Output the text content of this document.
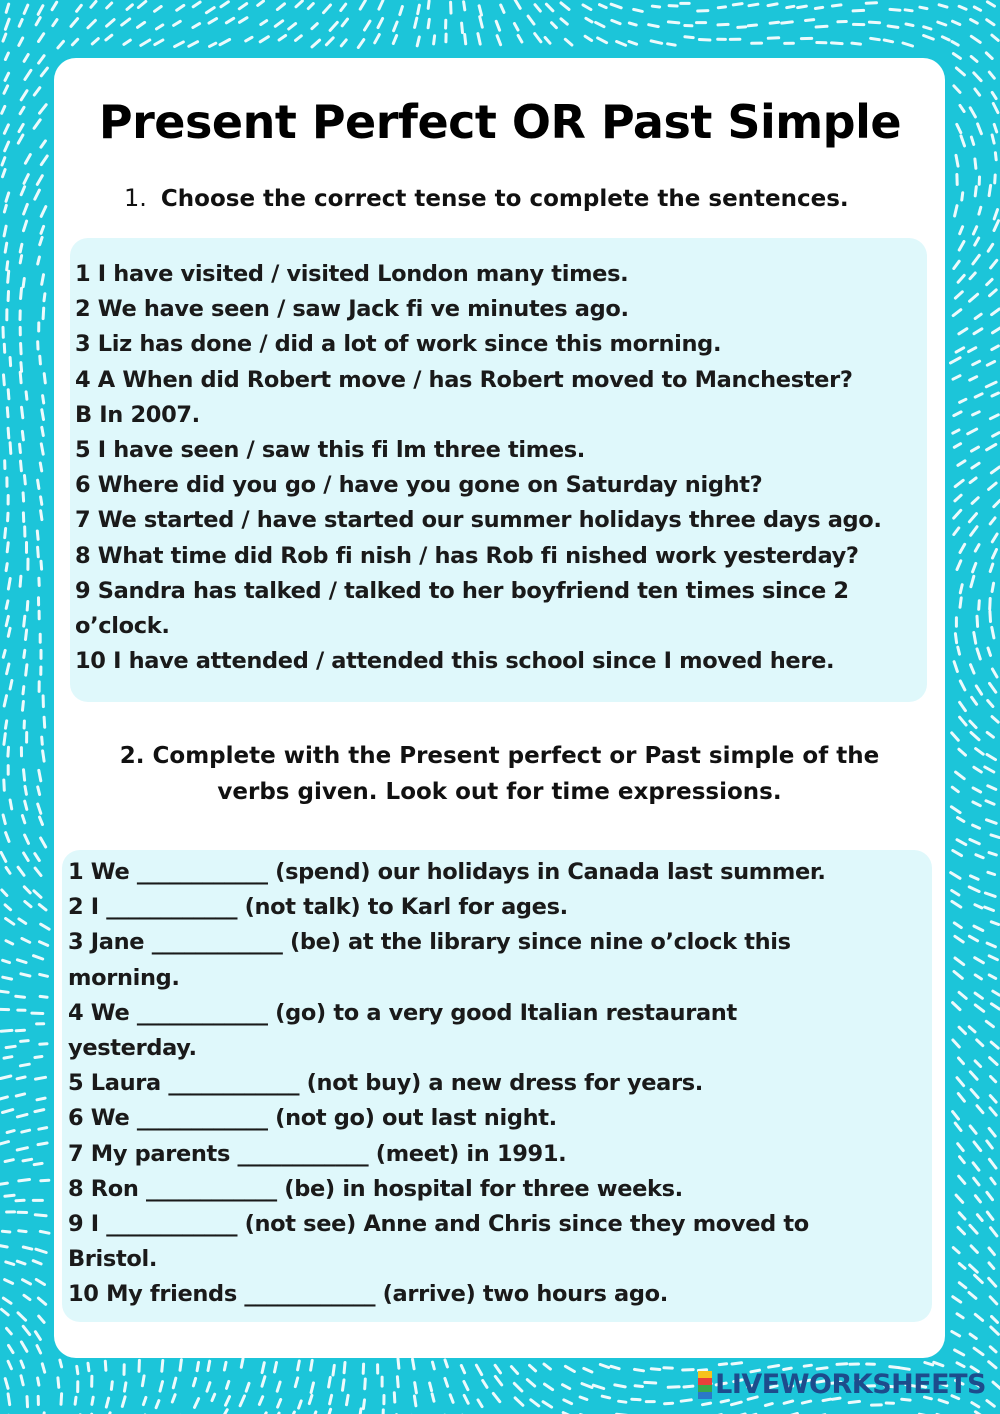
Present Perfect OR Past Simple

1. Choose the correct tense to complete the sentences.

1 I have visited / visited London many times.
2 We have seen / saw Jack fi ve minutes ago.
3 Liz has done / did a lot of work since this morning.
4 A When did Robert move / has Robert moved to Manchester?
B In 2007.
5 I have seen / saw this fi lm three times.
6 Where did you go / have you gone on Saturday night?
7 We started / have started our summer holidays three days ago.
8 What time did Rob fi nish / has Rob fi nished work yesterday?
9 Sandra has talked / talked to her boyfriend ten times since 2
o’clock.
10 I have attended / attended this school since I moved here.
2. Complete with the Present perfect or Past simple of the
verbs given. Look out for time expressions.
1 We ____________ (spend) our holidays in Canada last summer.
2 I ____________ (not talk) to Karl for ages.
3 Jane ____________ (be) at the library since nine o’clock this
morning.
4 We ____________ (go) to a very good Italian restaurant
yesterday.
5 Laura ____________ (not buy) a new dress for years.
6 We ____________ (not go) out last night.
7 My parents ____________ (meet) in 1991.
8 Ron ____________ (be) in hospital for three weeks.
9 I ____________ (not see) Anne and Chris since they moved to
Bristol.
10 My friends ____________ (arrive) two hours ago.
LIVEWORKSHEETS
